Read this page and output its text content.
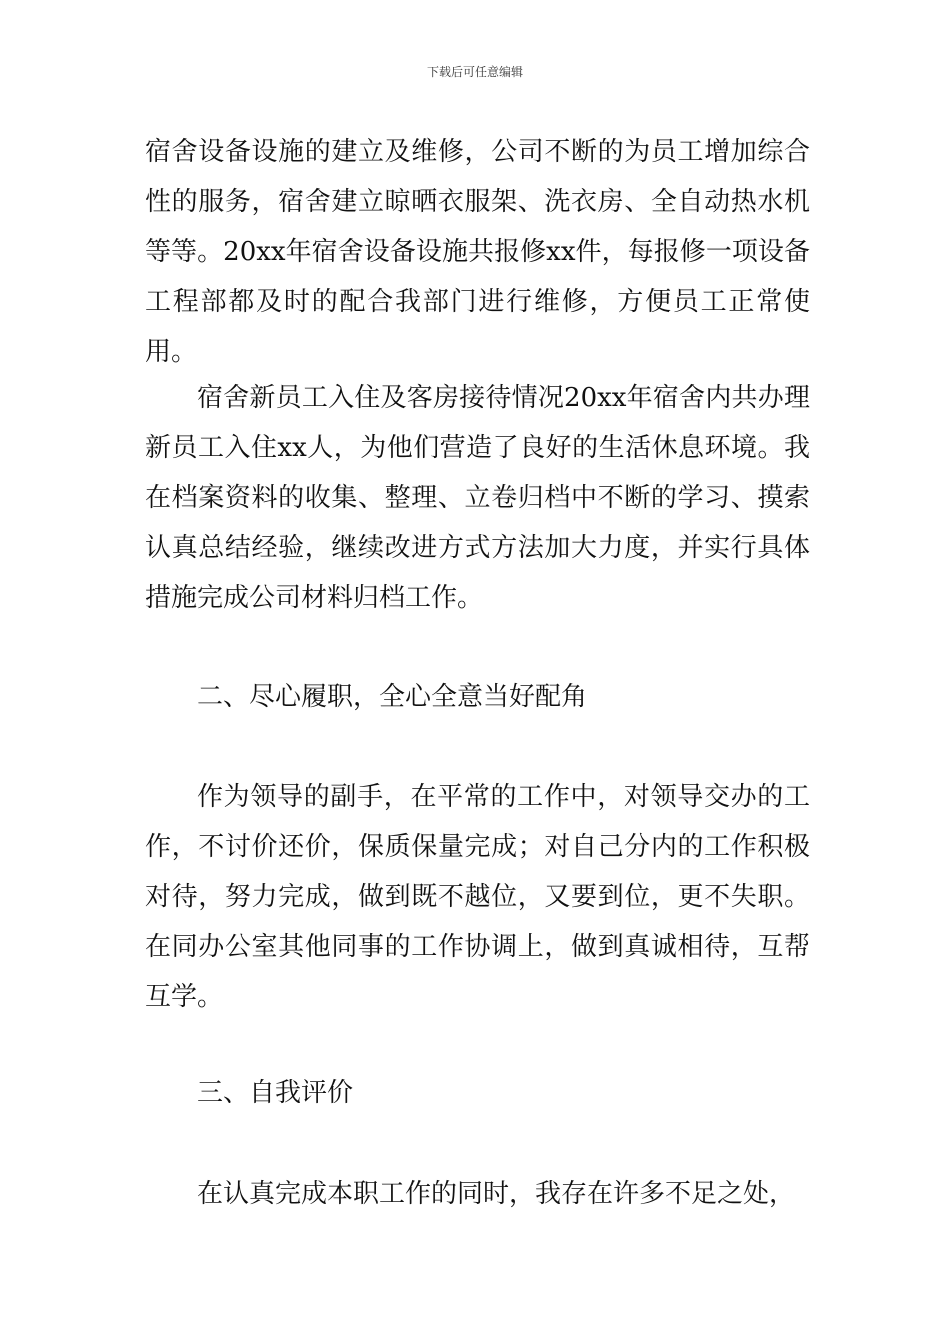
下载后可任意编辑

宿舍设备设施的建立及维修，公司不断的为员工增加综合性的服务，宿舍建立晾晒衣服架、洗衣房、全自动热水机等等。20xx年宿舍设备设施共报修xx件，每报修一项设备工程部都及时的配合我部门进行维修，方便员工正常使用。

宿舍新员工入住及客房接待情况20xx年宿舍内共办理新员工入住xx人，为他们营造了良好的生活休息环境。我在档案资料的收集、整理、立卷归档中不断的学习、摸索认真总结经验，继续改进方式方法加大力度，并实行具体措施完成公司材料归档工作。

二、尽心履职，全心全意当好配角

作为领导的副手，在平常的工作中，对领导交办的工作，不讨价还价，保质保量完成；对自己分内的工作积极对待，努力完成，做到既不越位，又要到位，更不失职。在同办公室其他同事的工作协调上，做到真诚相待，互帮互学。

三、自我评价

在认真完成本职工作的同时，我存在许多不足之处，
